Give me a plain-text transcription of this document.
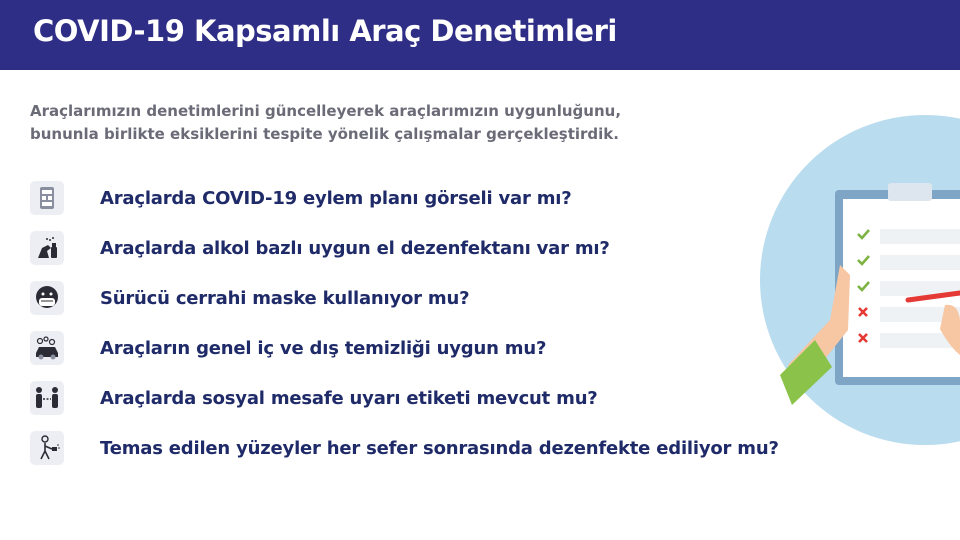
COVID-19 Kapsamlı Araç Denetimleri
Araçlarımızın denetimlerini güncelleyerek araçlarımızın uygunluğunu,
bununla birlikte eksiklerini tespite yönelik çalışmalar gerçekleştirdik.
Araçlarda COVID-19 eylem planı görseli var mı?
Araçlarda alkol bazlı uygun el dezenfektanı var mı?
Sürücü cerrahi maske kullanıyor mu?
Araçların genel iç ve dış temizliği uygun mu?
Araçlarda sosyal mesafe uyarı etiketi mevcut mu?
Temas edilen yüzeyler her sefer sonrasında dezenfekte ediliyor mu?
